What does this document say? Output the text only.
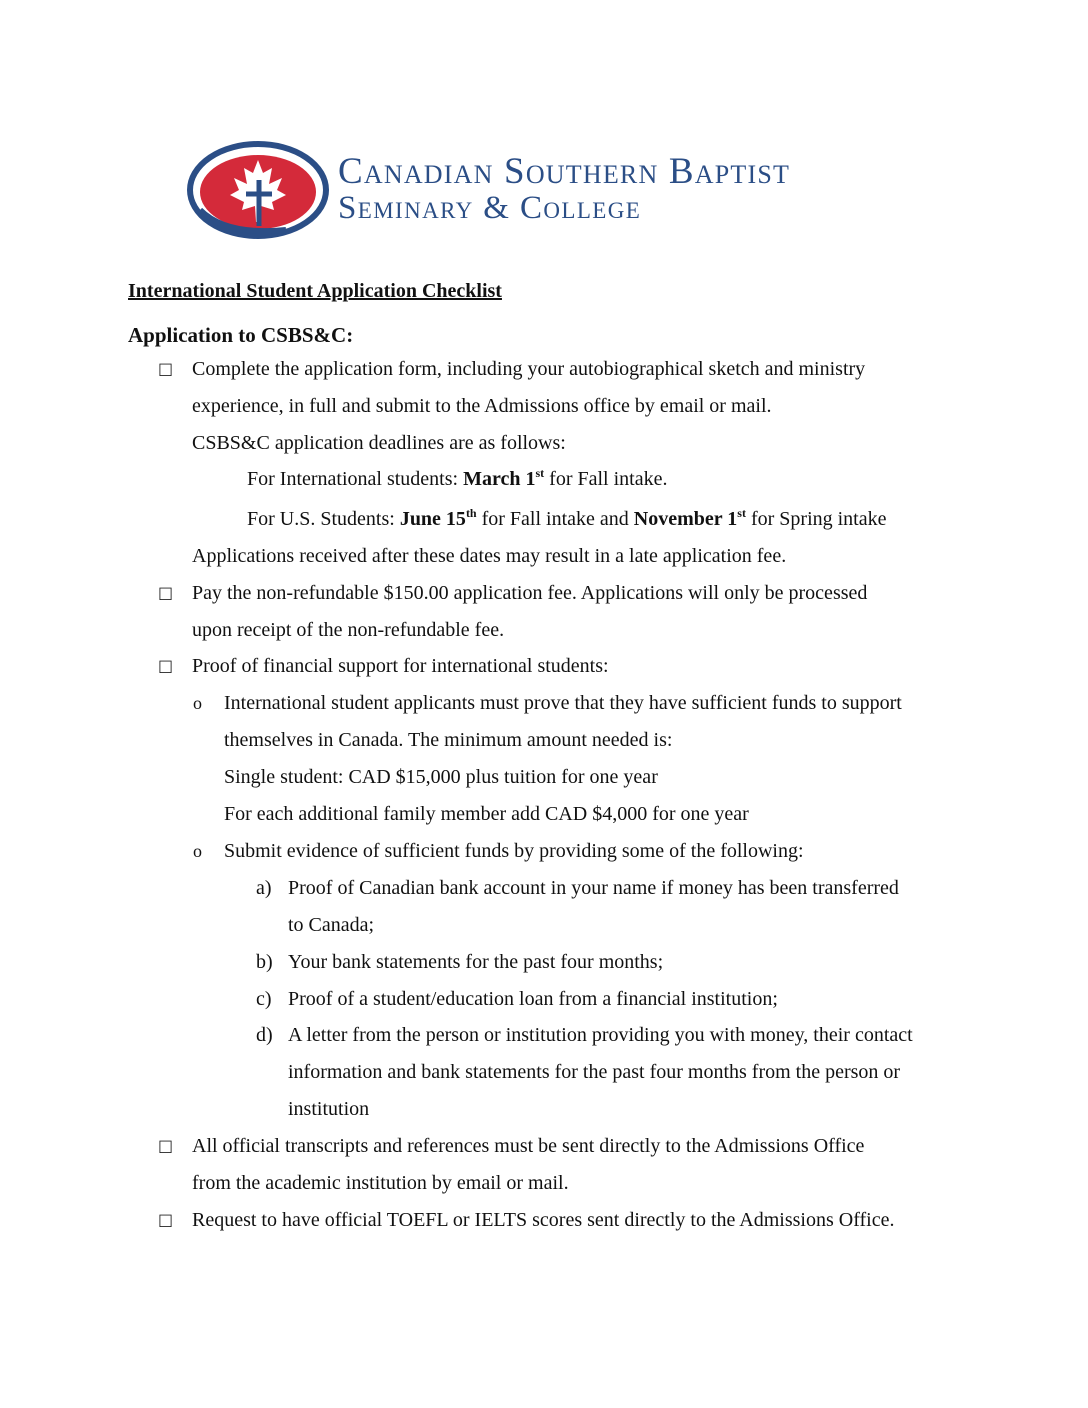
Canadian Southern Baptist
Seminary & College
International Student Application Checklist
Application to CSBS&C:
□ Complete the application form, including your autobiographical sketch and ministry
experience, in full and submit to the Admissions office by email or mail.
CSBS&C application deadlines are as follows:
For International students: March 1st for Fall intake.
For U.S. Students: June 15th for Fall intake and November 1st for Spring intake
Applications received after these dates may result in a late application fee.
□ Pay the non-refundable $150.00 application fee. Applications will only be processed
upon receipt of the non-refundable fee.
□ Proof of financial support for international students:
o International student applicants must prove that they have sufficient funds to support
themselves in Canada. The minimum amount needed is:
Single student: CAD $15,000 plus tuition for one year
For each additional family member add CAD $4,000 for one year
o Submit evidence of sufficient funds by providing some of the following:
a) Proof of Canadian bank account in your name if money has been transferred
to Canada;
b) Your bank statements for the past four months;
c) Proof of a student/education loan from a financial institution;
d) A letter from the person or institution providing you with money, their contact
information and bank statements for the past four months from the person or
institution
□ All official transcripts and references must be sent directly to the Admissions Office
from the academic institution by email or mail.
□ Request to have official TOEFL or IELTS scores sent directly to the Admissions Office.
